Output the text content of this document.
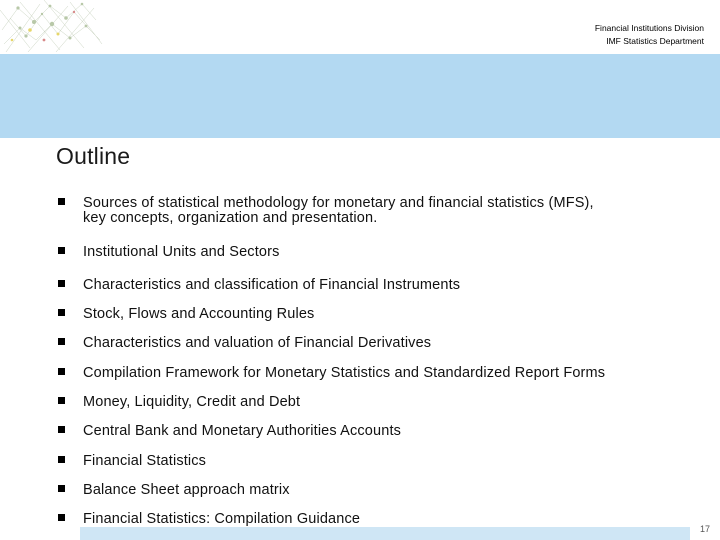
Financial Institutions Division
IMF Statistics Department
Outline
Sources of statistical methodology for monetary and financial statistics (MFS),
key concepts, organization and presentation.
Institutional Units and Sectors
Characteristics and classification of Financial Instruments
Stock, Flows and Accounting Rules
Characteristics and valuation of Financial Derivatives
Compilation Framework for Monetary Statistics and Standardized Report Forms
Money, Liquidity, Credit and Debt
Central Bank and Monetary Authorities Accounts
Financial Statistics
Balance Sheet approach matrix
Financial Statistics: Compilation Guidance
17
